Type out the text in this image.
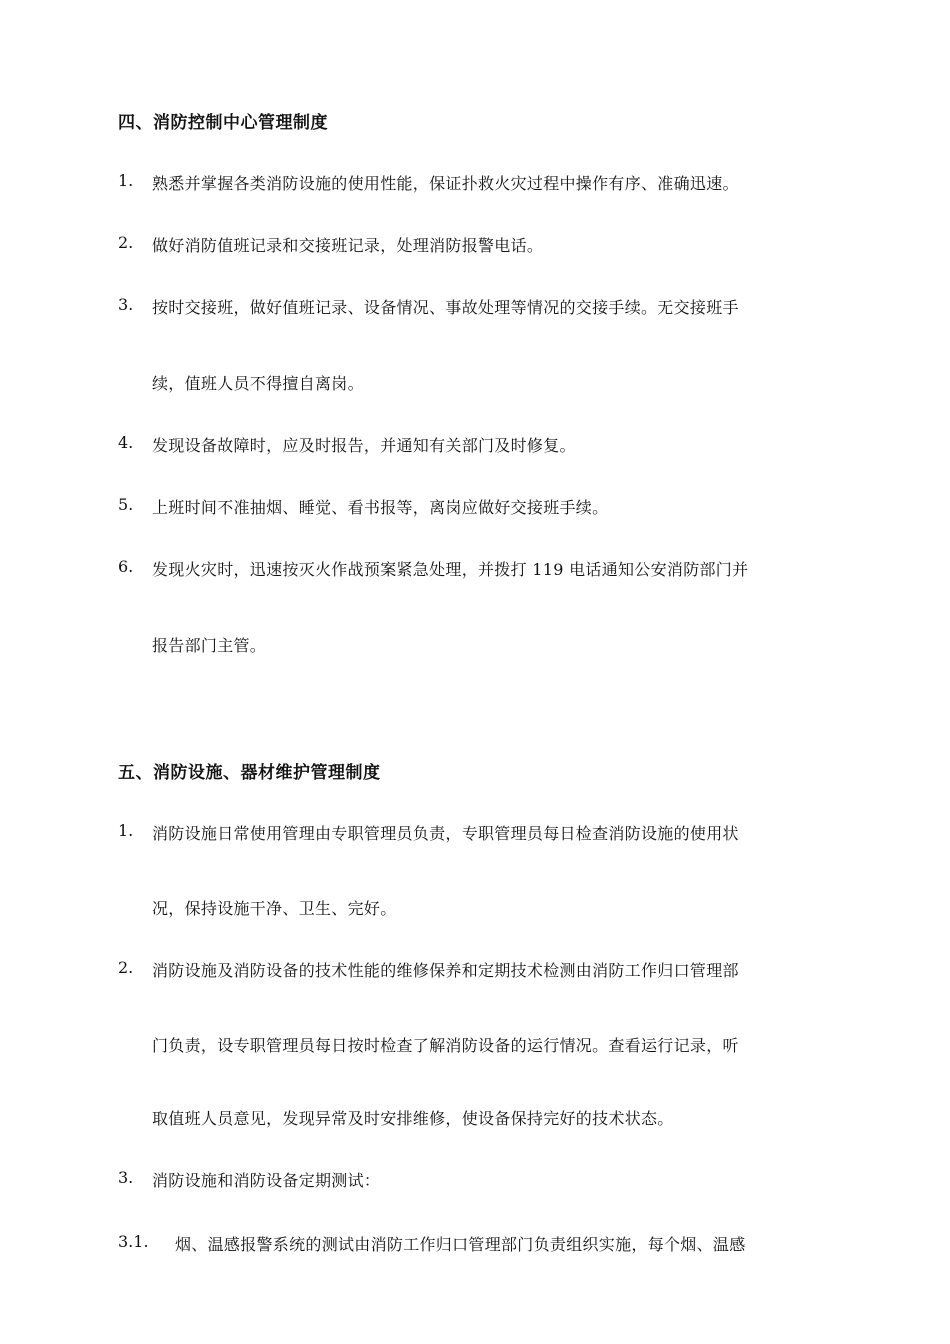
四、消防控制中心管理制度
1. 熟悉并掌握各类消防设施的使用性能，保证扑救火灾过程中操作有序、准确迅速。
2. 做好消防值班记录和交接班记录，处理消防报警电话。
3. 按时交接班，做好值班记录、设备情况、事故处理等情况的交接手续。无交接班手
续，值班人员不得擅自离岗。
4. 发现设备故障时，应及时报告，并通知有关部门及时修复。
5. 上班时间不准抽烟、睡觉、看书报等，离岗应做好交接班手续。
6. 发现火灾时，迅速按灭火作战预案紧急处理，并拨打 119 电话通知公安消防部门并
报告部门主管。
五、消防设施、器材维护管理制度
1. 消防设施日常使用管理由专职管理员负责，专职管理员每日检查消防设施的使用状
况，保持设施干净、卫生、完好。
2. 消防设施及消防设备的技术性能的维修保养和定期技术检测由消防工作归口管理部
门负责，设专职管理员每日按时检查了解消防设备的运行情况。查看运行记录，听
取值班人员意见，发现异常及时安排维修，使设备保持完好的技术状态。
3. 消防设施和消防设备定期测试：
3.1. 烟、温感报警系统的测试由消防工作归口管理部门负责组织实施，每个烟、温感
